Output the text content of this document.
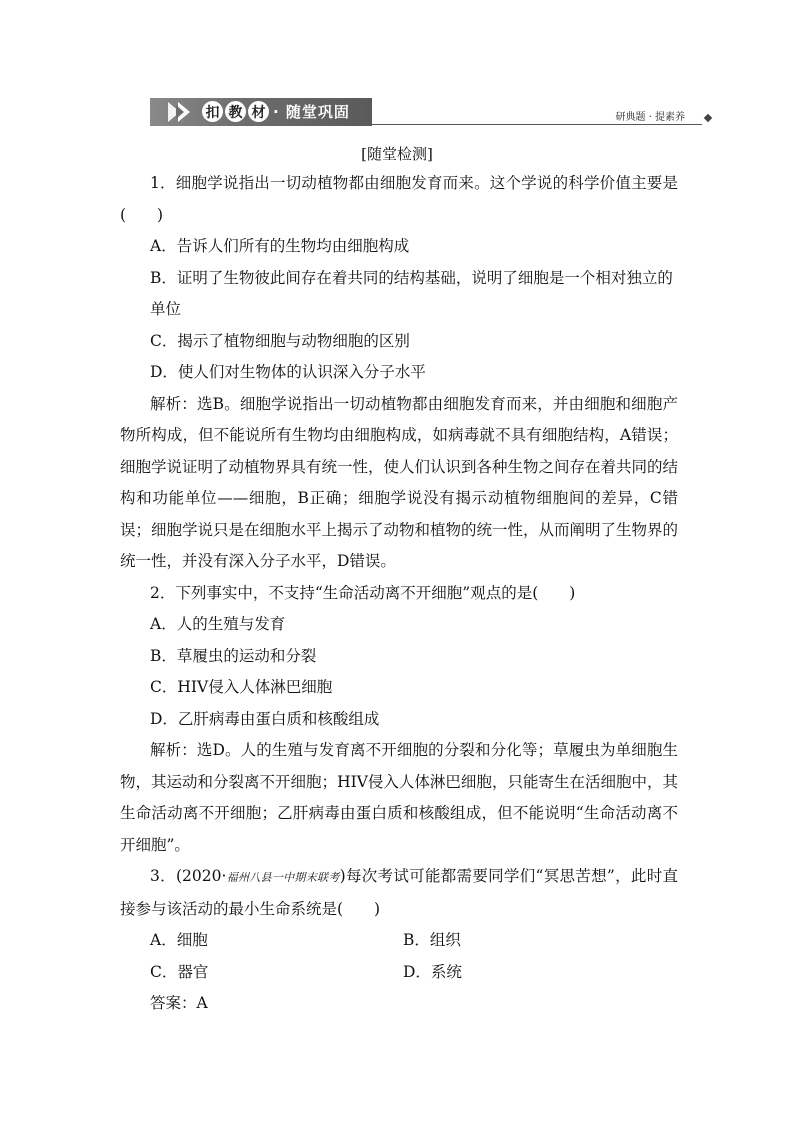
扣 教 材 · 随堂巩固	研典题 · 提素养
[随堂检测]
1．细胞学说指出一切动植物都由细胞发育而来。这个学说的科学价值主要是(　　)
A．告诉人们所有的生物均由细胞构成
B．证明了生物彼此间存在着共同的结构基础，说明了细胞是一个相对独立的单位
C．揭示了植物细胞与动物细胞的区别
D．使人们对生物体的认识深入分子水平
解析：选B。细胞学说指出一切动植物都由细胞发育而来，并由细胞和细胞产物所构成，但不能说所有生物均由细胞构成，如病毒就不具有细胞结构，A错误；细胞学说证明了动植物界具有统一性，使人们认识到各种生物之间存在着共同的结构和功能单位——细胞，B正确；细胞学说没有揭示动植物细胞间的差异，C错误；细胞学说只是在细胞水平上揭示了动物和植物的统一性，从而阐明了生物界的统一性，并没有深入分子水平，D错误。
2．下列事实中，不支持“生命活动离不开细胞”观点的是(　　)
A．人的生殖与发育
B．草履虫的运动和分裂
C．HIV侵入人体淋巴细胞
D．乙肝病毒由蛋白质和核酸组成
解析：选D。人的生殖与发育离不开细胞的分裂和分化等；草履虫为单细胞生物，其运动和分裂离不开细胞；HIV侵入人体淋巴细胞，只能寄生在活细胞中，其生命活动离不开细胞；乙肝病毒由蛋白质和核酸组成，但不能说明“生命活动离不开细胞”。
3．(2020·福州八县一中期末联考)每次考试可能都需要同学们“冥思苦想”，此时直接参与该活动的最小生命系统是(　　)
A．细胞	B．组织
C．器官	D．系统
答案：A
